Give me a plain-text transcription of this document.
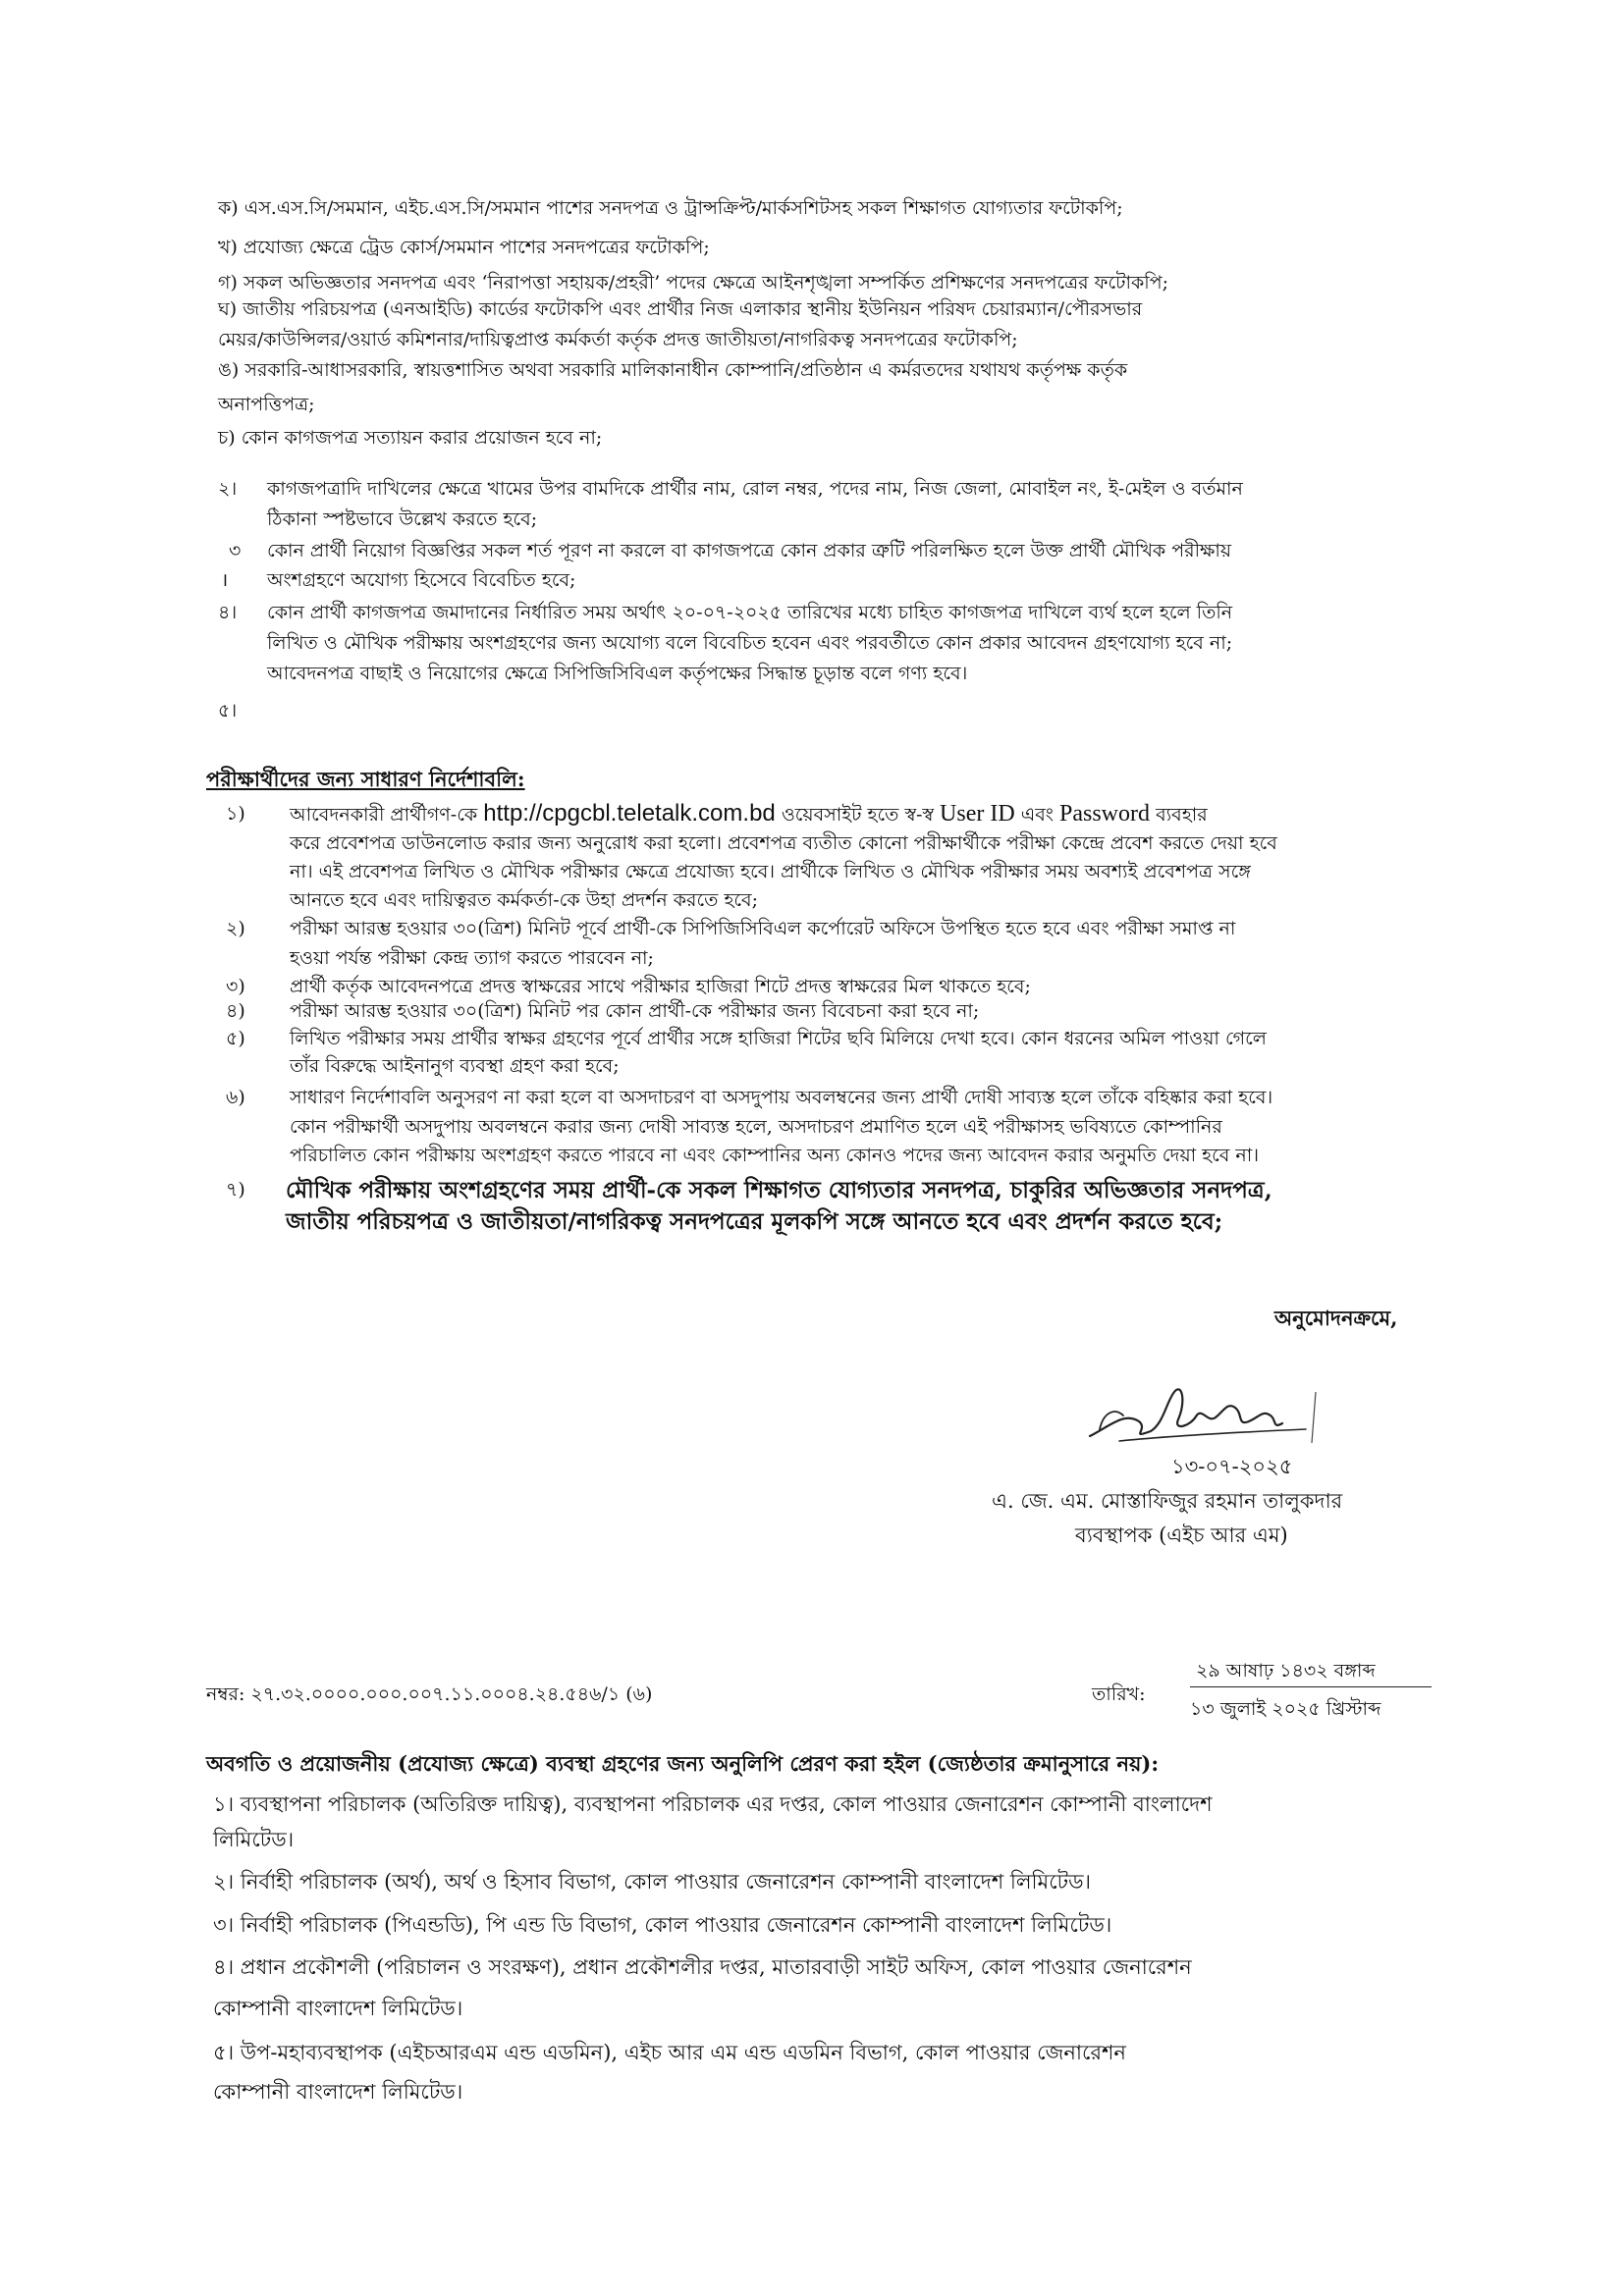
ক) এস.এস.সি/সমমান, এইচ.এস.সি/সমমান পাশের সনদপত্র ও ট্রান্সক্রিপ্ট/মার্কসশিটসহ সকল শিক্ষাগত যোগ্যতার ফটোকপি;
খ) প্রযোজ্য ক্ষেত্রে ট্রেড কোর্স/সমমান পাশের সনদপত্রের ফটোকপি;
গ) সকল অভিজ্ঞতার সনদপত্র এবং ‘নিরাপত্তা সহায়ক/প্রহরী’ পদের ক্ষেত্রে আইনশৃঙ্খলা সম্পর্কিত প্রশিক্ষণের সনদপত্রের ফটোকপি;
ঘ) জাতীয় পরিচয়পত্র (এনআইডি) কার্ডের ফটোকপি এবং প্রার্থীর নিজ এলাকার স্থানীয় ইউনিয়ন পরিষদ চেয়ারম্যান/পৌরসভার
মেয়র/কাউন্সিলর/ওয়ার্ড কমিশনার/দায়িত্বপ্রাপ্ত কর্মকর্তা কর্তৃক প্রদত্ত জাতীয়তা/নাগরিকত্ব সনদপত্রের ফটোকপি;
ঙ) সরকারি-আধাসরকারি, স্বায়ত্তশাসিত অথবা সরকারি মালিকানাধীন কোম্পানি/প্রতিষ্ঠান এ কর্মরতদের যথাযথ কর্তৃপক্ষ কর্তৃক
অনাপত্তিপত্র;
চ) কোন কাগজপত্র সত্যায়ন করার প্রয়োজন হবে না;
২। কাগজপত্রাদি দাখিলের ক্ষেত্রে খামের উপর বামদিকে প্রার্থীর নাম, রোল নম্বর, পদের নাম, নিজ জেলা, মোবাইল নং, ই-মেইল ও বর্তমান
ঠিকানা স্পষ্টভাবে উল্লেখ করতে হবে;
৩
।
কোন প্রার্থী নিয়োগ বিজ্ঞপ্তির সকল শর্ত পূরণ না করলে বা কাগজপত্রে কোন প্রকার ত্রুটি পরিলক্ষিত হলে উক্ত প্রার্থী মৌখিক পরীক্ষায়
অংশগ্রহণে অযোগ্য হিসেবে বিবেচিত হবে;
৪। কোন প্রার্থী কাগজপত্র জমাদানের নির্ধারিত সময় অর্থাৎ ২০-০৭-২০২৫ তারিখের মধ্যে চাহিত কাগজপত্র দাখিলে ব্যর্থ হলে হলে তিনি
লিখিত ও মৌখিক পরীক্ষায় অংশগ্রহণের জন্য অযোগ্য বলে বিবেচিত হবেন এবং পরবর্তীতে কোন প্রকার আবেদন গ্রহণযোগ্য হবে না;
আবেদনপত্র বাছাই ও নিয়োগের ক্ষেত্রে সিপিজিসিবিএল কর্তৃপক্ষের সিদ্ধান্ত চূড়ান্ত বলে গণ্য হবে।
৫।
পরীক্ষার্থীদের জন্য সাধারণ নির্দেশাবলি:
১) আবেদনকারী প্রার্থীগণ-কে http://cpgcbl.teletalk.com.bd ওয়েবসাইট হতে স্ব-স্ব User ID এবং Password ব্যবহার
করে প্রবেশপত্র ডাউনলোড করার জন্য অনুরোধ করা হলো। প্রবেশপত্র ব্যতীত কোনো পরীক্ষার্থীকে পরীক্ষা কেন্দ্রে প্রবেশ করতে দেয়া হবে
না। এই প্রবেশপত্র লিখিত ও মৌখিক পরীক্ষার ক্ষেত্রে প্রযোজ্য হবে। প্রার্থীকে লিখিত ও মৌখিক পরীক্ষার সময় অবশ্যই প্রবেশপত্র সঙ্গে
আনতে হবে এবং দায়িত্বরত কর্মকর্তা-কে উহা প্রদর্শন করতে হবে;
২) পরীক্ষা আরম্ভ হওয়ার ৩০(ত্রিশ) মিনিট পূর্বে প্রার্থী-কে সিপিজিসিবিএল কর্পোরেট অফিসে উপস্থিত হতে হবে এবং পরীক্ষা সমাপ্ত না
হওয়া পর্যন্ত পরীক্ষা কেন্দ্র ত্যাগ করতে পারবেন না;
৩) প্রার্থী কর্তৃক আবেদনপত্রে প্রদত্ত স্বাক্ষরের সাথে পরীক্ষার হাজিরা শিটে প্রদত্ত স্বাক্ষরের মিল থাকতে হবে;
৪) পরীক্ষা আরম্ভ হওয়ার ৩০(ত্রিশ) মিনিট পর কোন প্রার্থী-কে পরীক্ষার জন্য বিবেচনা করা হবে না;
৫) লিখিত পরীক্ষার সময় প্রার্থীর স্বাক্ষর গ্রহণের পূর্বে প্রার্থীর সঙ্গে হাজিরা শিটের ছবি মিলিয়ে দেখা হবে। কোন ধরনের অমিল পাওয়া গেলে
তাঁর বিরুদ্ধে আইনানুগ ব্যবস্থা গ্রহণ করা হবে;
৬) সাধারণ নির্দেশাবলি অনুসরণ না করা হলে বা অসদাচরণ বা অসদুপায় অবলম্বনের জন্য প্রার্থী দোষী সাব্যস্ত হলে তাঁকে বহিষ্কার করা হবে।
কোন পরীক্ষার্থী অসদুপায় অবলম্বনে করার জন্য দোষী সাব্যস্ত হলে, অসদাচরণ প্রমাণিত হলে এই পরীক্ষাসহ ভবিষ্যতে কোম্পানির
পরিচালিত কোন পরীক্ষায় অংশগ্রহণ করতে পারবে না এবং কোম্পানির অন্য কোনও পদের জন্য আবেদন করার অনুমতি দেয়া হবে না।
৭) মৌখিক পরীক্ষায় অংশগ্রহণের সময় প্রার্থী-কে সকল শিক্ষাগত যোগ্যতার সনদপত্র, চাকুরির অভিজ্ঞতার সনদপত্র,
জাতীয় পরিচয়পত্র ও জাতীয়তা/নাগরিকত্ব সনদপত্রের মূলকপি সঙ্গে আনতে হবে এবং প্রদর্শন করতে হবে;
অনুমোদনক্রমে,
১৩-০৭-২০২৫
এ. জে. এম. মোস্তাফিজুর রহমান তালুকদার
ব্যবস্থাপক (এইচ আর এম)
নম্বর: ২৭.৩২.০০০০.০০০.০০৭.১১.০০০৪.২৪.৫৪৬/১ (৬)	তারিখ:
২৯ আষাঢ় ১৪৩২ বঙ্গাব্দ
১৩ জুলাই ২০২৫ খ্রিস্টাব্দ
অবগতি ও প্রয়োজনীয় (প্রযোজ্য ক্ষেত্রে) ব্যবস্থা গ্রহণের জন্য অনুলিপি প্রেরণ করা হইল (জ্যেষ্ঠতার ক্রমানুসারে নয়):
১। ব্যবস্থাপনা পরিচালক (অতিরিক্ত দায়িত্ব), ব্যবস্থাপনা পরিচালক এর দপ্তর, কোল পাওয়ার জেনারেশন কোম্পানী বাংলাদেশ
লিমিটেড।
২। নির্বাহী পরিচালক (অর্থ), অর্থ ও হিসাব বিভাগ, কোল পাওয়ার জেনারেশন কোম্পানী বাংলাদেশ লিমিটেড।
৩। নির্বাহী পরিচালক (পিএন্ডডি), পি এন্ড ডি বিভাগ, কোল পাওয়ার জেনারেশন কোম্পানী বাংলাদেশ লিমিটেড।
৪। প্রধান প্রকৌশলী (পরিচালন ও সংরক্ষণ), প্রধান প্রকৌশলীর দপ্তর, মাতারবাড়ী সাইট অফিস, কোল পাওয়ার জেনারেশন
কোম্পানী বাংলাদেশ লিমিটেড।
৫। উপ-মহাব্যবস্থাপক (এইচআরএম এন্ড এডমিন), এইচ আর এম এন্ড এডমিন বিভাগ, কোল পাওয়ার জেনারেশন
কোম্পানী বাংলাদেশ লিমিটেড।
